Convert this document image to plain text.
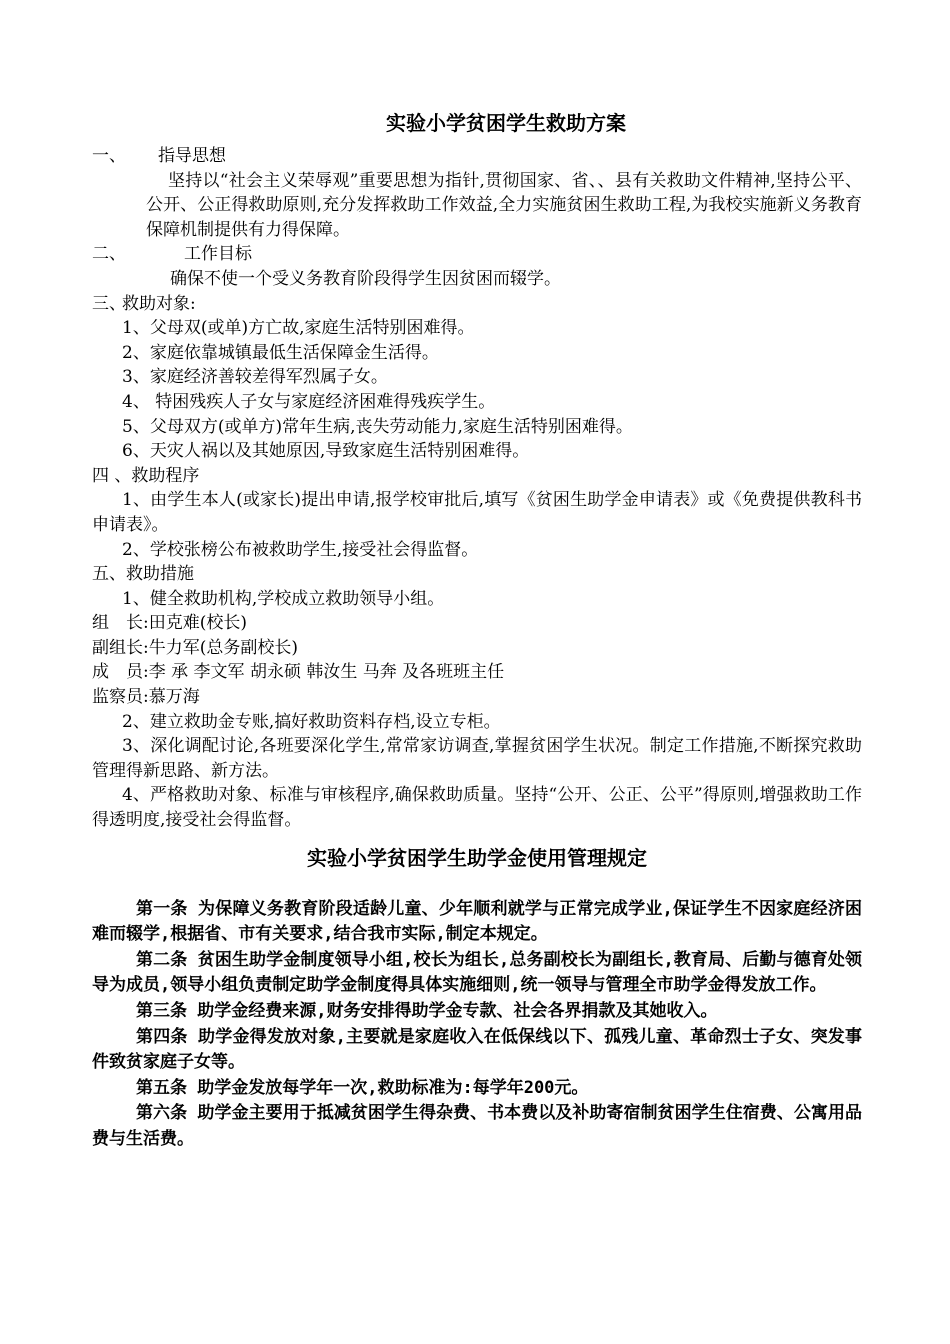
实验小学贫困学生救助方案

一、 指导思想

坚持以“社会主义荣辱观”重要思想为指针,贯彻国家、省、、县有关救助文件精神,坚持公平、公开、公正得救助原则,充分发挥救助工作效益,全力实施贫困生救助工程,为我校实施新义务教育保障机制提供有力得保障。

二、	工作目标

确保不使一个受义务教育阶段得学生因贫困而辍学。

三、救助对象:

1、父母双(或单)方亡故,家庭生活特别困难得。

2、家庭依靠城镇最低生活保障金生活得。

3、家庭经济善较差得军烈属子女。

4、 特困残疾人子女与家庭经济困难得残疾学生。

5、父母双方(或单方)常年生病,丧失劳动能力,家庭生活特别困难得。

6、天灾人祸以及其她原因,导致家庭生活特别困难得。

四 、救助程序

1、由学生本人(或家长)提出申请,报学校审批后,填写《贫困生助学金申请表》或《免费提供教科书申请表》。

2、学校张榜公布被救助学生,接受社会得监督。

五、救助措施

1、健全救助机构,学校成立救助领导小组。

组　长:田克难(校长)

副组长:牛力军(总务副校长)

成　员:李 承 李文军 胡永硕 韩汝生 马奔 及各班班主任

监察员:慕万海

2、建立救助金专账,搞好救助资料存档,设立专柜。

3、深化调配讨论,各班要深化学生,常常家访调查,掌握贫困学生状况。制定工作措施,不断探究救助管理得新思路、新方法。

4、严格救助对象、标准与审核程序,确保救助质量。坚持“公开、公正、公平”得原则,增强救助工作得透明度,接受社会得监督。

实验小学贫困学生助学金使用管理规定

第一条 为保障义务教育阶段适龄儿童、少年顺利就学与正常完成学业,保证学生不因家庭经济困难而辍学,根据省、市有关要求,结合我市实际,制定本规定。

第二条 贫困生助学金制度领导小组,校长为组长,总务副校长为副组长,教育局、后勤与德育处领导为成员,领导小组负责制定助学金制度得具体实施细则,统一领导与管理全市助学金得发放工作。

第三条 助学金经费来源,财务安排得助学金专款、社会各界捐款及其她收入。

第四条 助学金得发放对象,主要就是家庭收入在低保线以下、孤残儿童、革命烈士子女、突发事件致贫家庭子女等。

第五条 助学金发放每学年一次,救助标准为:每学年200元。

第六条 助学金主要用于抵减贫困学生得杂费、书本费以及补助寄宿制贫困学生住宿费、公寓用品费与生活费。
